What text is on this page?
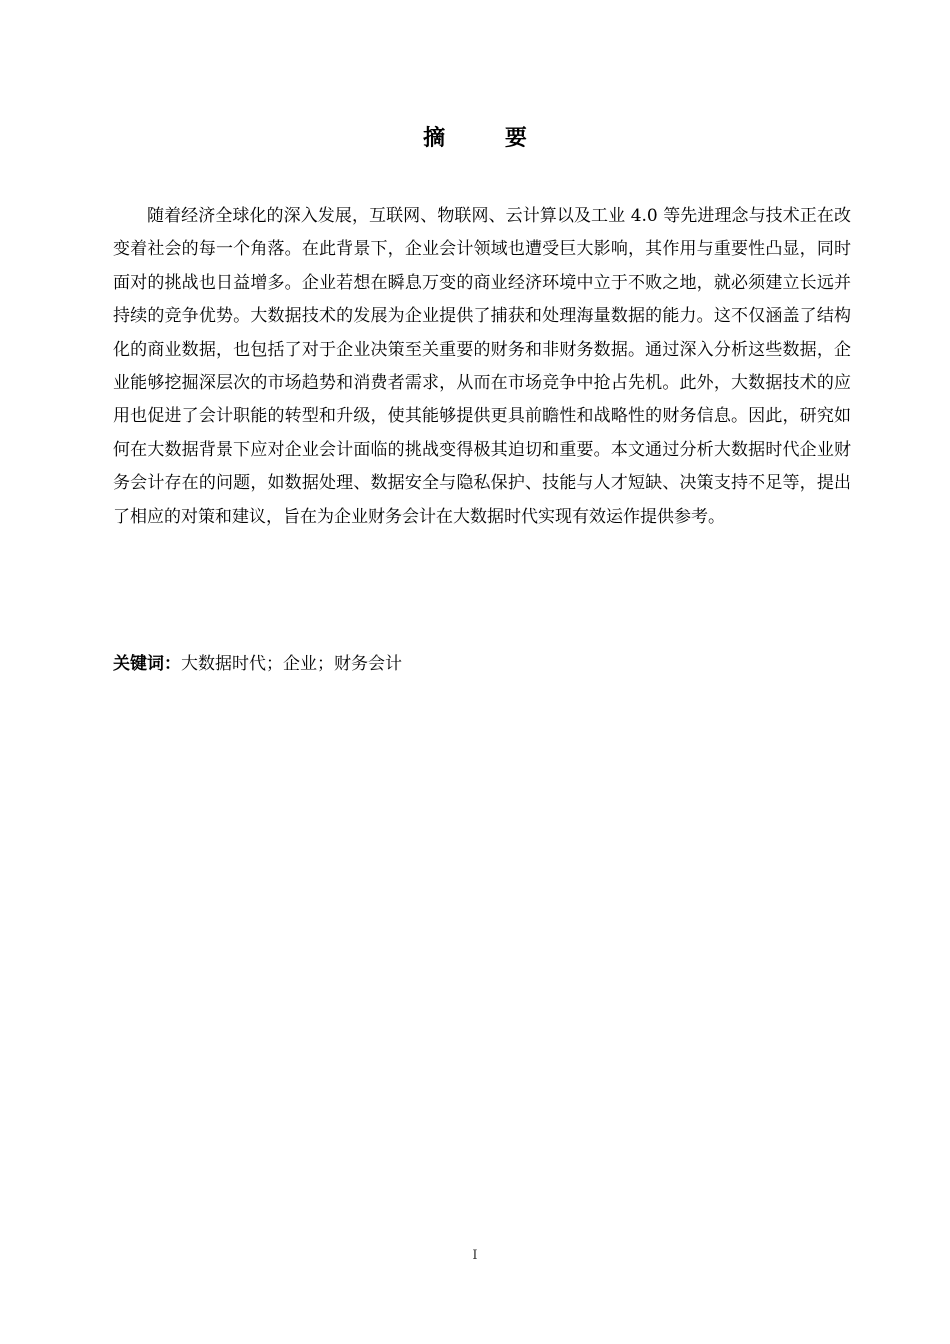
摘 要

随着经济全球化的深入发展，互联网、物联网、云计算以及工业 4.0 等先进理念与技术正在改变着社会的每一个角落。在此背景下，企业会计领域也遭受巨大影响，其作用与重要性凸显，同时面对的挑战也日益增多。企业若想在瞬息万变的商业经济环境中立于不败之地，就必须建立长远并持续的竞争优势。大数据技术的发展为企业提供了捕获和处理海量数据的能力。这不仅涵盖了结构化的商业数据，也包括了对于企业决策至关重要的财务和非财务数据。通过深入分析这些数据，企业能够挖掘深层次的市场趋势和消费者需求，从而在市场竞争中抢占先机。此外，大数据技术的应用也促进了会计职能的转型和升级，使其能够提供更具前瞻性和战略性的财务信息。因此，研究如何在大数据背景下应对企业会计面临的挑战变得极其迫切和重要。本文通过分析大数据时代企业财务会计存在的问题，如数据处理、数据安全与隐私保护、技能与人才短缺、决策支持不足等，提出了相应的对策和建议，旨在为企业财务会计在大数据时代实现有效运作提供参考。

关键词：大数据时代；企业；财务会计

I
